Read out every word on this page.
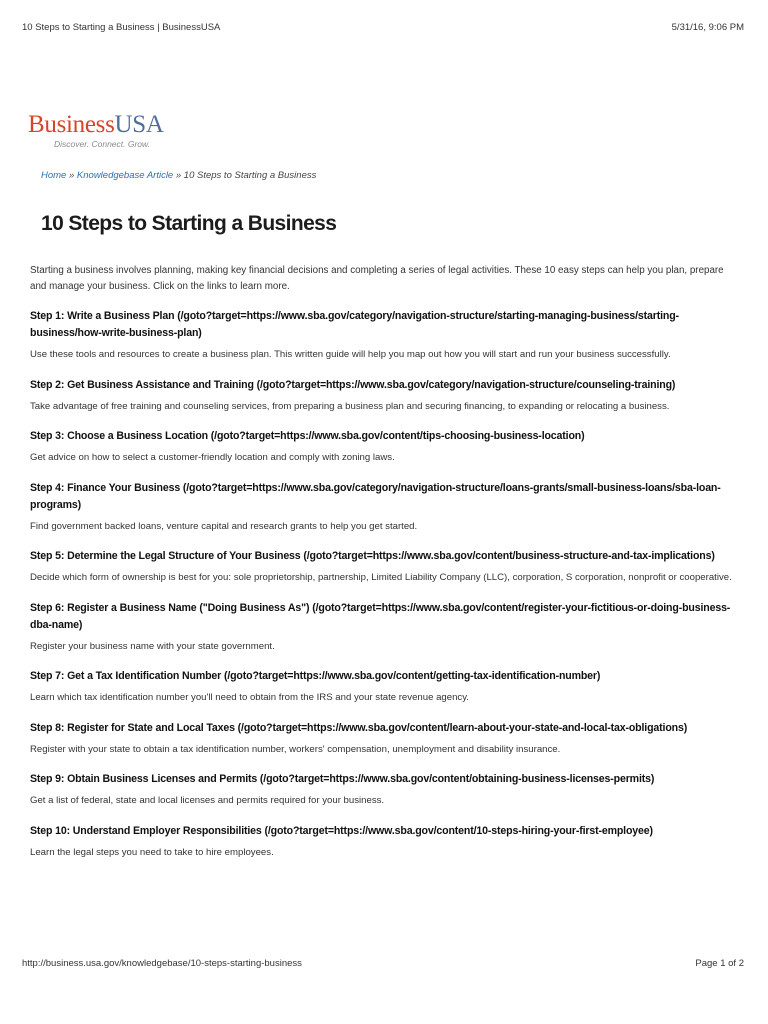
10 Steps to Starting a Business | BusinessUSA	5/31/16, 9:06 PM
BusinessUSA
Discover. Connect. Grow.
Home » Knowledgebase Article » 10 Steps to Starting a Business
10 Steps to Starting a Business

Starting a business involves planning, making key financial decisions and completing a series of legal activities. These 10 easy steps can help you plan, prepare and manage your business. Click on the links to learn more.

Step 1: Write a Business Plan (/goto?target=https://www.sba.gov/category/navigation-structure/starting-managing-business/starting-business/how-write-business-plan)

Use these tools and resources to create a business plan. This written guide will help you map out how you will start and run your business successfully.

Step 2: Get Business Assistance and Training (/goto?target=https://www.sba.gov/category/navigation-structure/counseling-training)

Take advantage of free training and counseling services, from preparing a business plan and securing financing, to expanding or relocating a business.

Step 3: Choose a Business Location (/goto?target=https://www.sba.gov/content/tips-choosing-business-location)

Get advice on how to select a customer-friendly location and comply with zoning laws.

Step 4: Finance Your Business (/goto?target=https://www.sba.gov/category/navigation-structure/loans-grants/small-business-loans/sba-loan-programs)

Find government backed loans, venture capital and research grants to help you get started.

Step 5: Determine the Legal Structure of Your Business (/goto?target=https://www.sba.gov/content/business-structure-and-tax-implications)

Decide which form of ownership is best for you: sole proprietorship, partnership, Limited Liability Company (LLC), corporation, S corporation, nonprofit or cooperative.

Step 6: Register a Business Name ("Doing Business As") (/goto?target=https://www.sba.gov/content/register-your-fictitious-or-doing-business-dba-name)

Register your business name with your state government.

Step 7: Get a Tax Identification Number (/goto?target=https://www.sba.gov/content/getting-tax-identification-number)

Learn which tax identification number you'll need to obtain from the IRS and your state revenue agency.

Step 8: Register for State and Local Taxes (/goto?target=https://www.sba.gov/content/learn-about-your-state-and-local-tax-obligations)

Register with your state to obtain a tax identification number, workers' compensation, unemployment and disability insurance.

Step 9: Obtain Business Licenses and Permits (/goto?target=https://www.sba.gov/content/obtaining-business-licenses-permits)

Get a list of federal, state and local licenses and permits required for your business.

Step 10: Understand Employer Responsibilities (/goto?target=https://www.sba.gov/content/10-steps-hiring-your-first-employee)

Learn the legal steps you need to take to hire employees.

http://business.usa.gov/knowledgebase/10-steps-starting-business	Page 1 of 2
